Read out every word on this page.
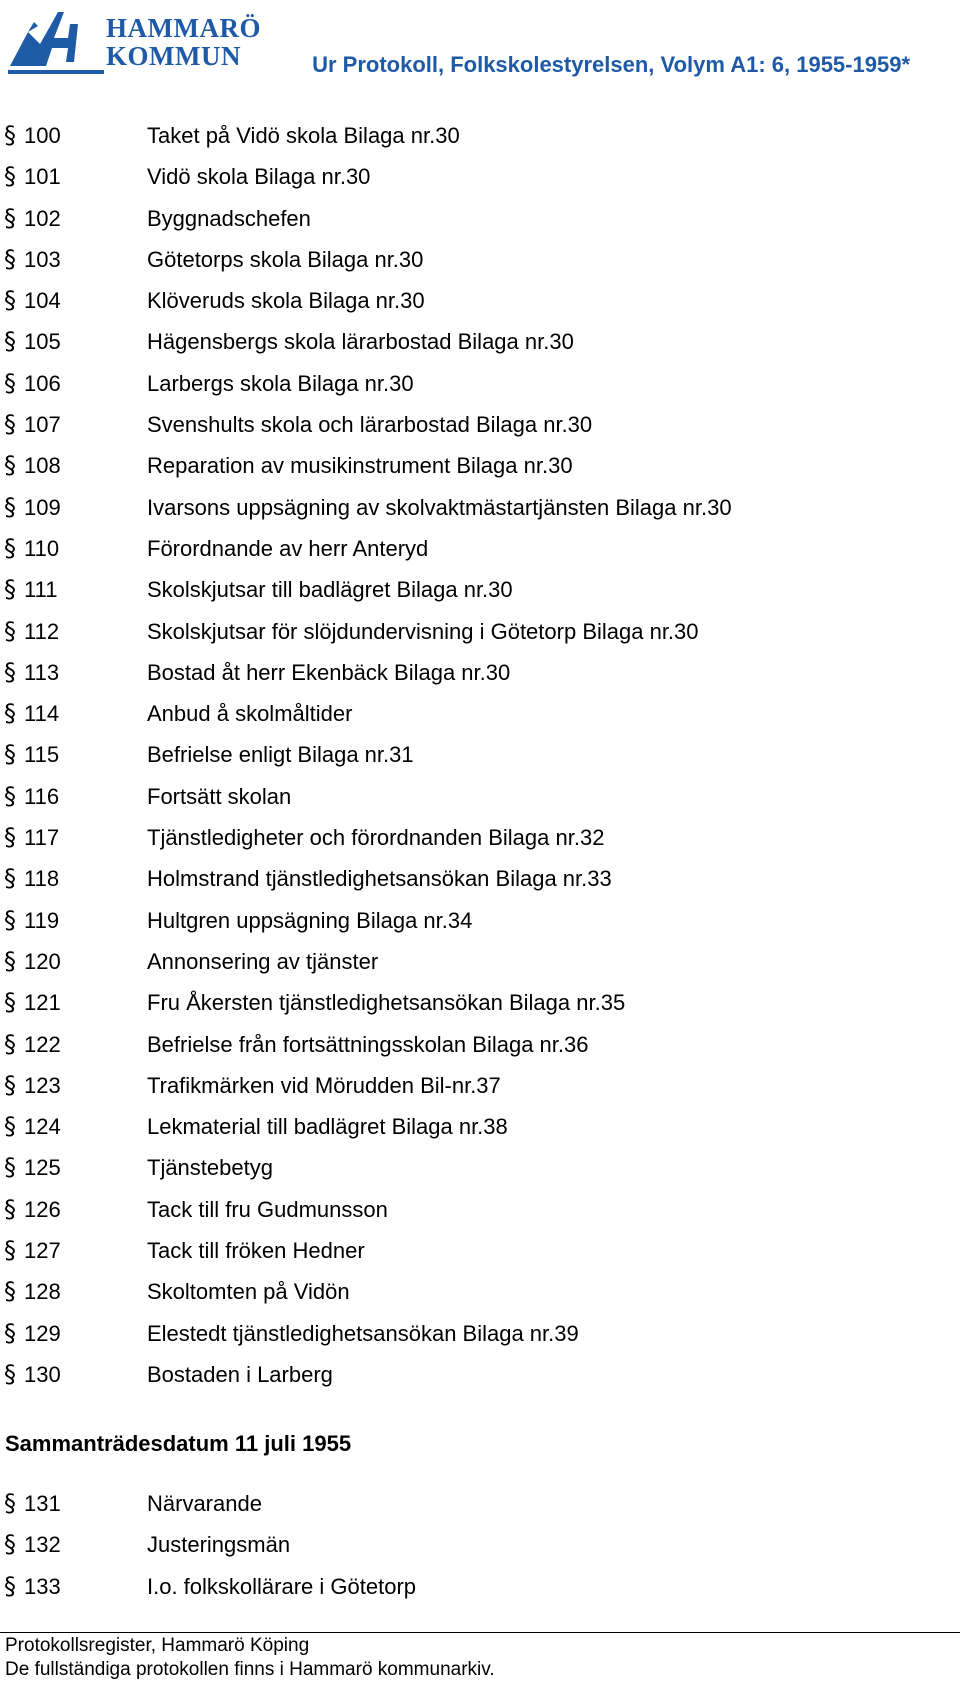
HAMMARÖ
KOMMUN	Ur Protokoll, Folkskolestyrelsen, Volym A1: 6, 1955-1959*
§ 100	Taket på Vidö skola Bilaga nr.30
§ 101	Vidö skola Bilaga nr.30
§ 102	Byggnadschefen
§ 103	Götetorps skola Bilaga nr.30
§ 104	Klöveruds skola Bilaga nr.30
§ 105	Hägensbergs skola lärarbostad Bilaga nr.30
§ 106	Larbergs skola Bilaga nr.30
§ 107	Svenshults skola och lärarbostad Bilaga nr.30
§ 108	Reparation av musikinstrument Bilaga nr.30
§ 109	Ivarsons uppsägning av skolvaktmästartjänsten Bilaga nr.30
§ 110	Förordnande av herr Anteryd
§ 111	Skolskjutsar till badlägret Bilaga nr.30
§ 112	Skolskjutsar för slöjdundervisning i Götetorp Bilaga nr.30
§ 113	Bostad åt herr Ekenbäck Bilaga nr.30
§ 114	Anbud å skolmåltider
§ 115	Befrielse enligt Bilaga nr.31
§ 116	Fortsätt skolan
§ 117	Tjänstledigheter och förordnanden Bilaga nr.32
§ 118	Holmstrand tjänstledighetsansökan Bilaga nr.33
§ 119	Hultgren uppsägning Bilaga nr.34
§ 120	Annonsering av tjänster
§ 121	Fru Åkersten tjänstledighetsansökan Bilaga nr.35
§ 122	Befrielse från fortsättningsskolan Bilaga nr.36
§ 123	Trafikmärken vid Mörudden Bil-nr.37
§ 124	Lekmaterial till badlägret Bilaga nr.38
§ 125	Tjänstebetyg
§ 126	Tack till fru Gudmunsson
§ 127	Tack till fröken Hedner
§ 128	Skoltomten på Vidön
§ 129	Elestedt tjänstledighetsansökan Bilaga nr.39
§ 130	Bostaden i Larberg
Sammanträdesdatum 11 juli 1955
§ 131	Närvarande
§ 132	Justeringsmän
§ 133	I.o. folkskollärare i Götetorp
Protokollsregister, Hammarö Köping
De fullständiga protokollen finns i Hammarö kommunarkiv.
